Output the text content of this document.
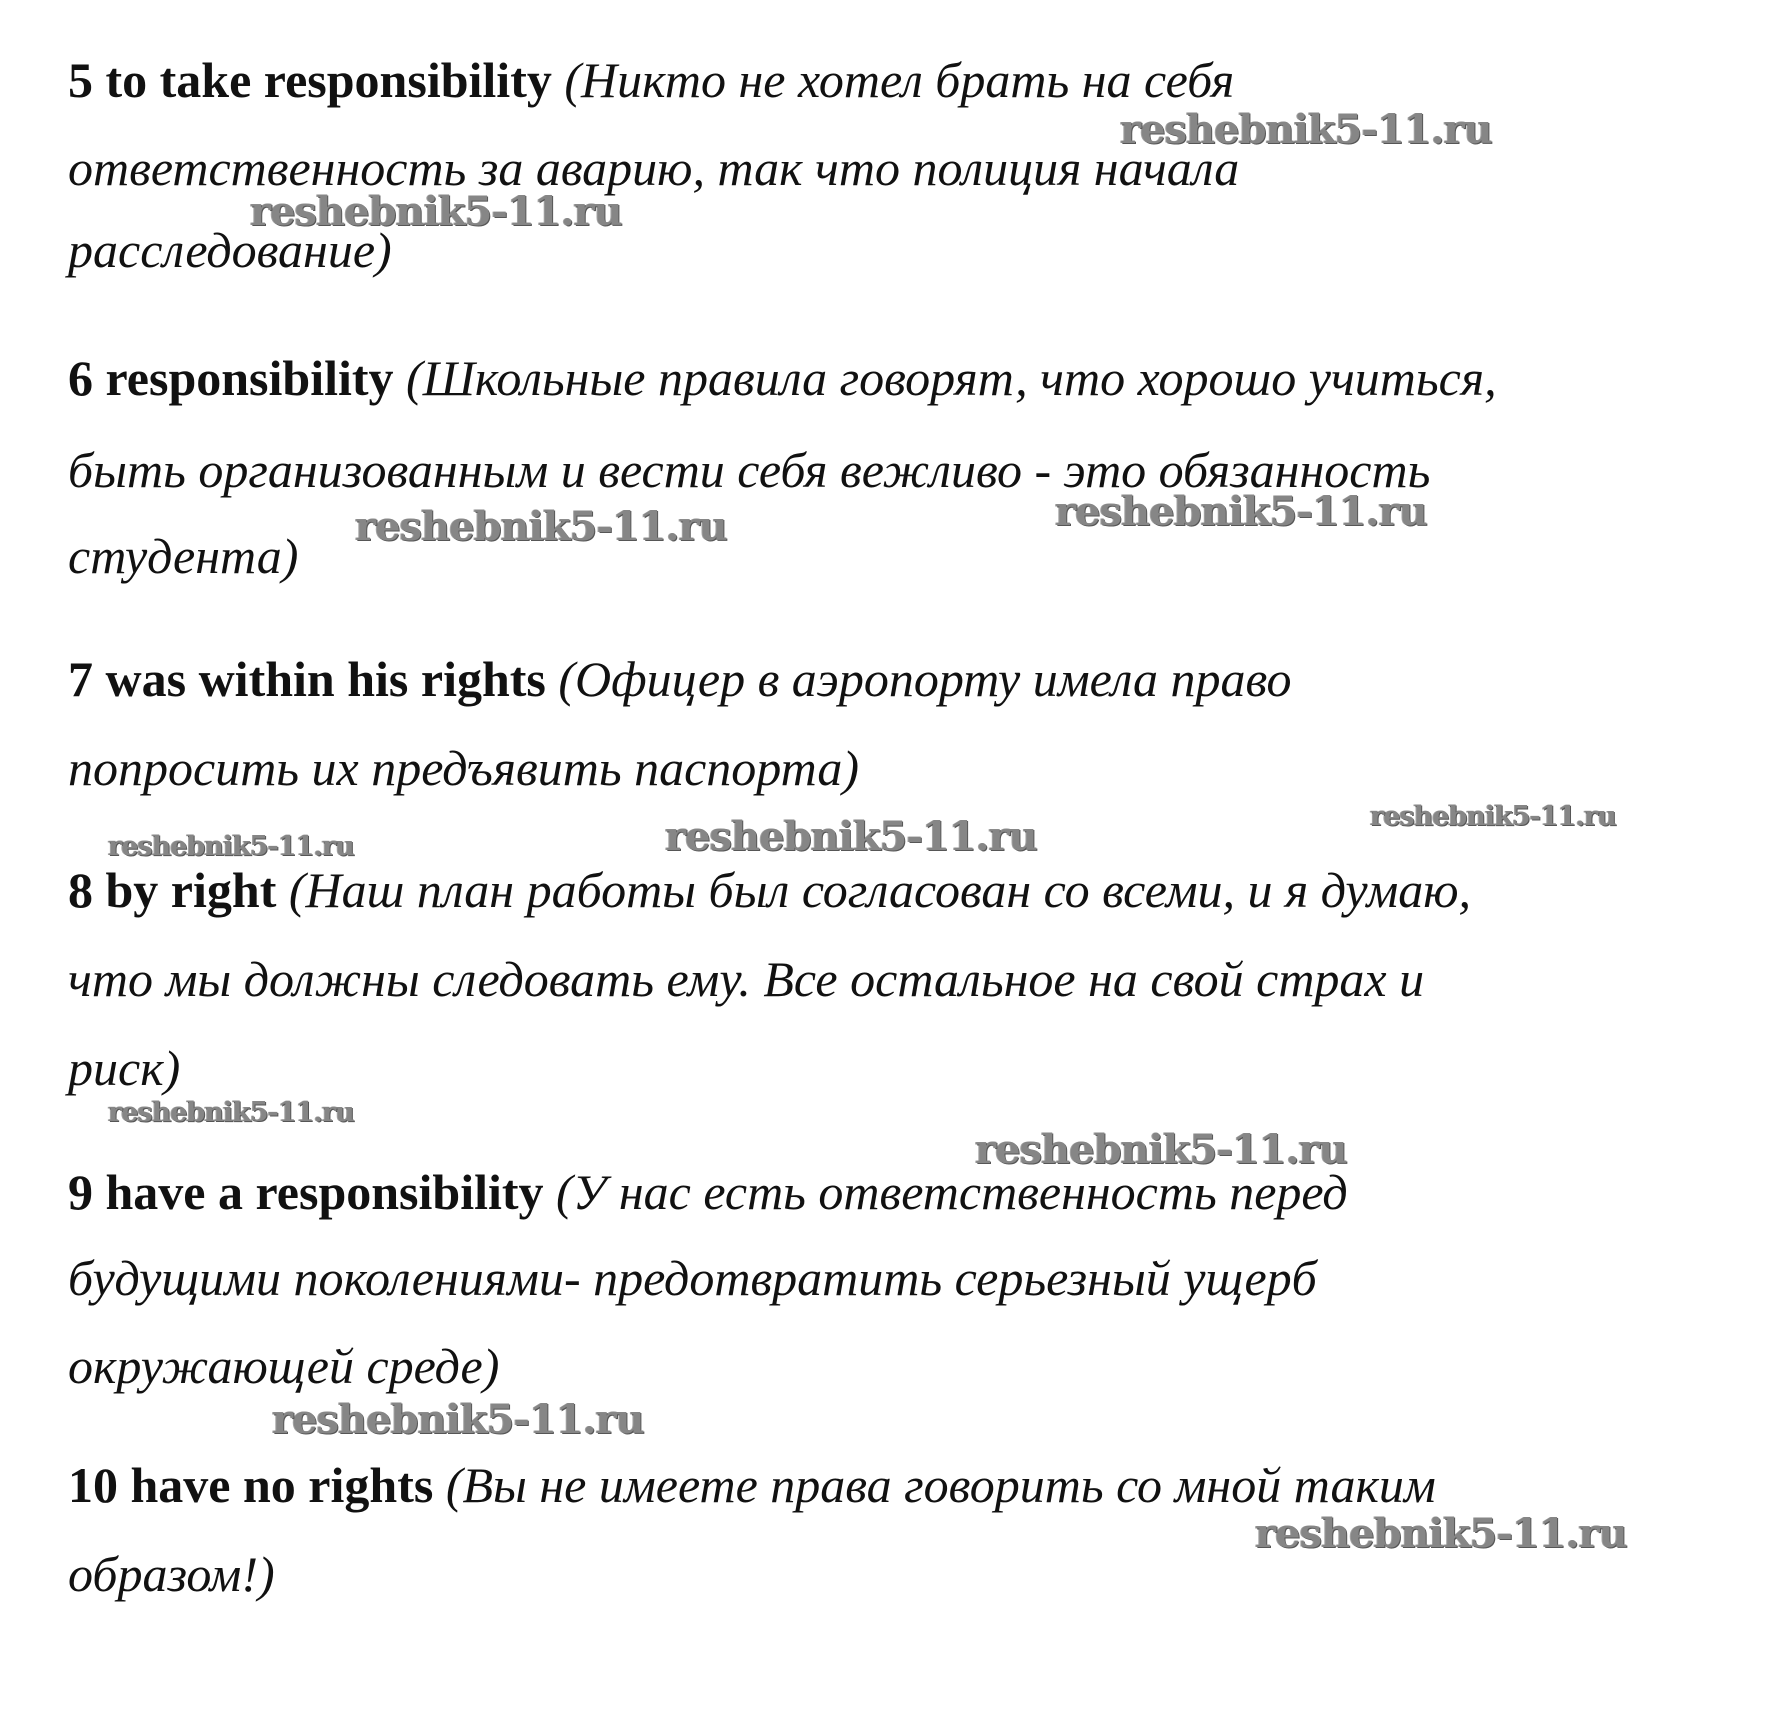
5 to take responsibility (Никто не хотел брать на себя

ответственность за аварию, так что полиция начала

расследование)

6 responsibility (Школьные правила говорят, что хорошо учиться,

быть организованным и вести себя вежливо - это обязанность

студента)

7 was within his rights (Офицер в аэропорту имела право

попросить их предъявить паспорта)

8 by right (Наш план работы был согласован со всеми, и я думаю,

что мы должны следовать ему. Все остальное на свой страх и

риск)

9 have a responsibility (У нас есть ответственность перед

будущими поколениями- предотвратить серьезный ущерб

окружающей среде)

10 have no rights (Вы не имеете права говорить со мной таким

образом!)

reshebnik5-11.ru
reshebnik5-11.ru
reshebnik5-11.ru	reshebnik5-11.ru
reshebnik5-11.ru	reshebnik5-11.ru	reshebnik5-11.ru
reshebnik5-11.ru
reshebnik5-11.ru
reshebnik5-11.ru
reshebnik5-11.ru
